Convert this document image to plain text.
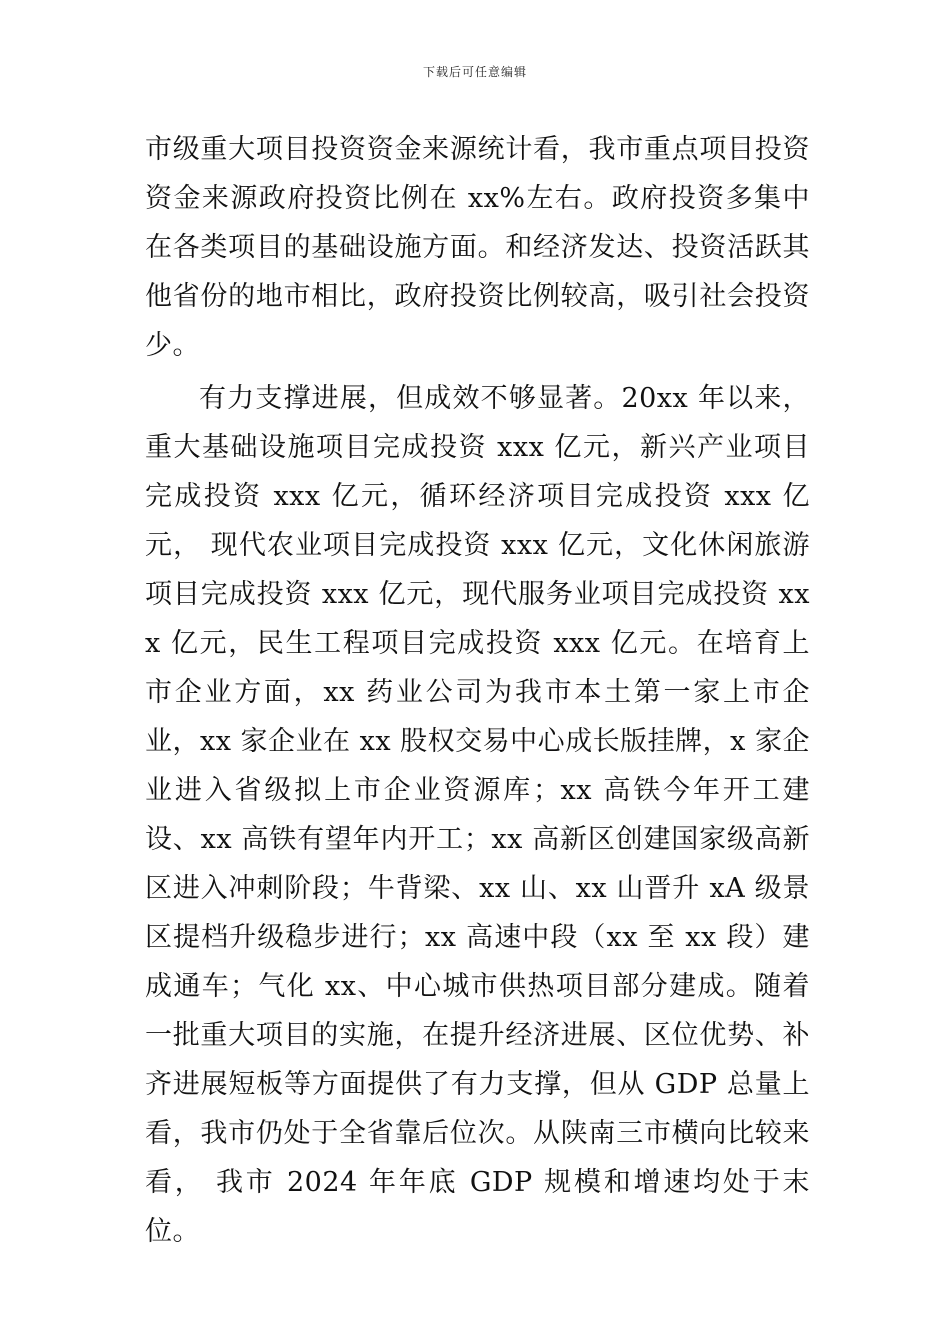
下载后可任意编辑

市级重大项目投资资金来源统计看，我市重点项目投资资金来源政府投资比例在 xx%左右。政府投资多集中在各类项目的基础设施方面。和经济发达、投资活跃其他省份的地市相比，政府投资比例较高，吸引社会投资少。

有力支撑进展，但成效不够显著。20xx 年以来，重大基础设施项目完成投资 xxx 亿元，新兴产业项目完成投资 xxx 亿元，循环经济项目完成投资 xxx 亿元， 现代农业项目完成投资 xxx 亿元，文化休闲旅游项目完成投资 xxx 亿元，现代服务业项目完成投资 xxx 亿元，民生工程项目完成投资 xxx 亿元。在培育上市企业方面，xx 药业公司为我市本土第一家上市企业，xx 家企业在 xx 股权交易中心成长版挂牌，x 家企业进入省级拟上市企业资源库；xx 高铁今年开工建设、xx 高铁有望年内开工；xx 高新区创建国家级高新区进入冲刺阶段；牛背梁、xx 山、xx 山晋升 xA 级景区提档升级稳步进行；xx 高速中段（xx 至 xx 段）建成通车；气化 xx、中心城市供热项目部分建成。随着一批重大项目的实施，在提升经济进展、区位优势、补齐进展短板等方面提供了有力支撑，但从 GDP 总量上看，我市仍处于全省靠后位次。从陕南三市横向比较来看， 我市 2024 年年底 GDP 规模和增速均处于末位。
